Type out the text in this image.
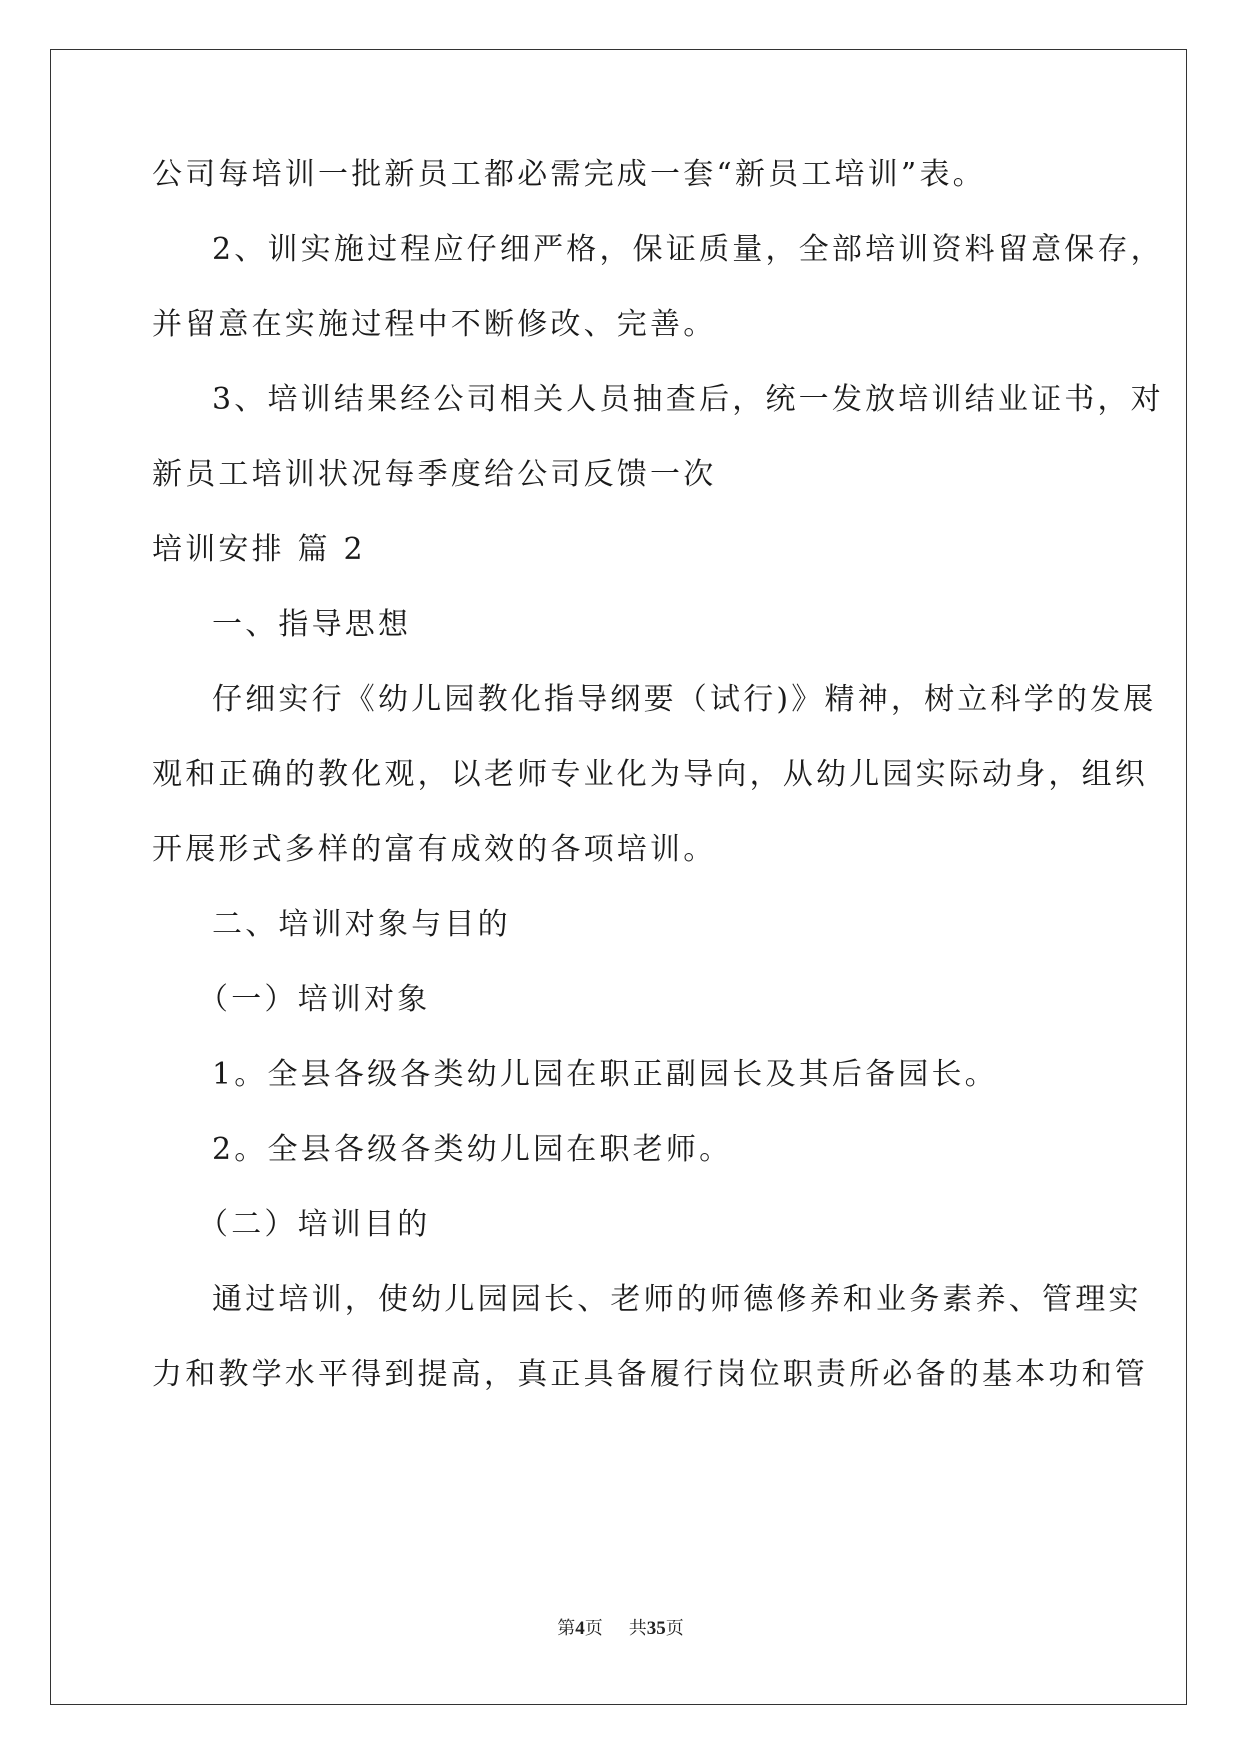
公司每培训一批新员工都必需完成一套“新员工培训”表。

2、训实施过程应仔细严格，保证质量，全部培训资料留意保存，

并留意在实施过程中不断修改、完善。

3、培训结果经公司相关人员抽查后，统一发放培训结业证书，对

新员工培训状况每季度给公司反馈一次

培训安排 篇 2

一、指导思想

仔细实行《幼儿园教化指导纲要（试行)》精神，树立科学的发展

观和正确的教化观，以老师专业化为导向，从幼儿园实际动身，组织

开展形式多样的富有成效的各项培训。

二、培训对象与目的

（一）培训对象

1。全县各级各类幼儿园在职正副园长及其后备园长。

2。全县各级各类幼儿园在职老师。

（二）培训目的

通过培训，使幼儿园园长、老师的师德修养和业务素养、管理实

力和教学水平得到提高，真正具备履行岗位职责所必备的基本功和管

第4页 共35页
